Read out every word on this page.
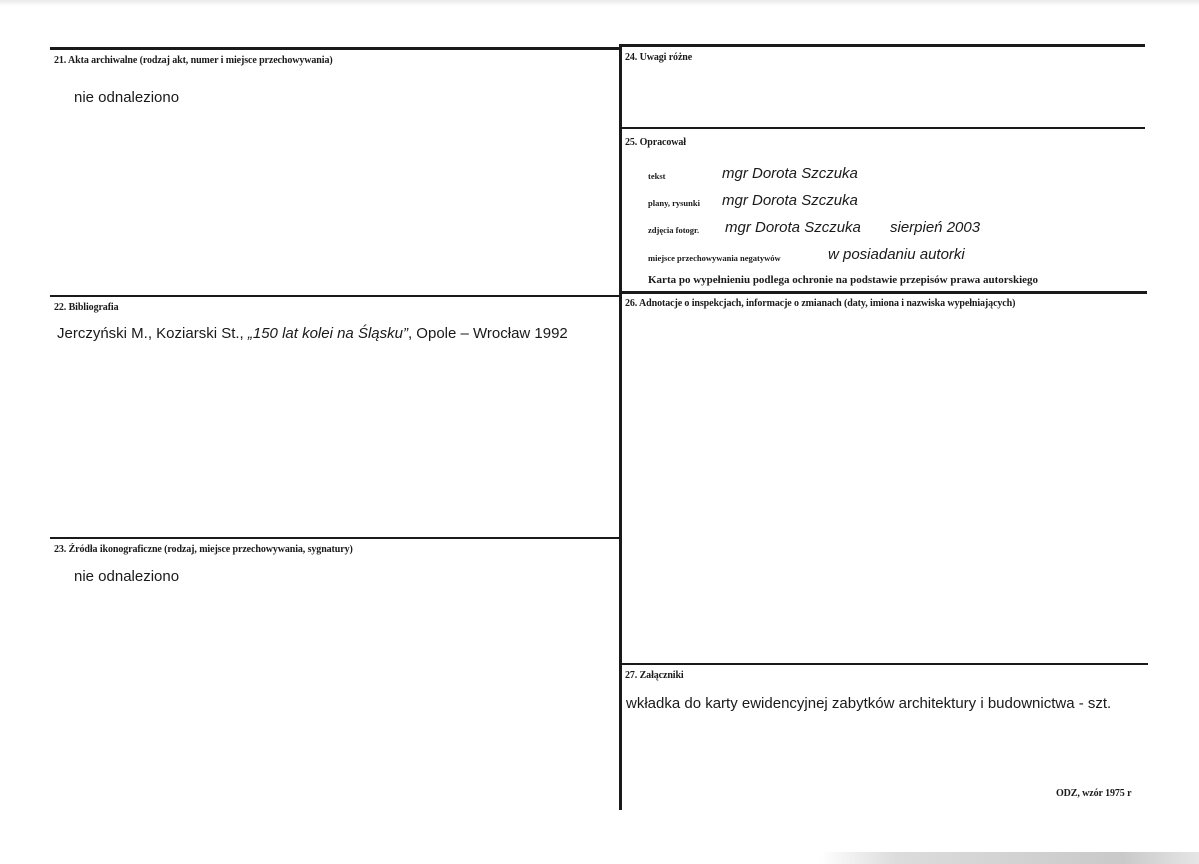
21. Akta archiwalne (rodzaj akt, numer i miejsce przechowywania)
nie odnaleziono
22. Bibliografia
Jerczyński M., Koziarski St., „150 lat kolei na Śląsku”, Opole – Wrocław 1992
23. Źródła ikonograficzne (rodzaj, miejsce przechowywania, sygnatury)
nie odnaleziono
24. Uwagi różne
25. Opracował
tekst	mgr Dorota Szczuka
plany, rysunki mgr Dorota Szczuka
zdjęcia fotogr. mgr Dorota Szczuka sierpień 2003
miejsce przechowywania negatywów	w posiadaniu autorki
Karta po wypełnieniu podlega ochronie na podstawie przepisów prawa autorskiego
26. Adnotacje o inspekcjach, informacje o zmianach (daty, imiona i nazwiska wypełniających)
27. Załączniki
wkładka do karty ewidencyjnej zabytków architektury i budownictwa - szt.
ODZ, wzór 1975 r
